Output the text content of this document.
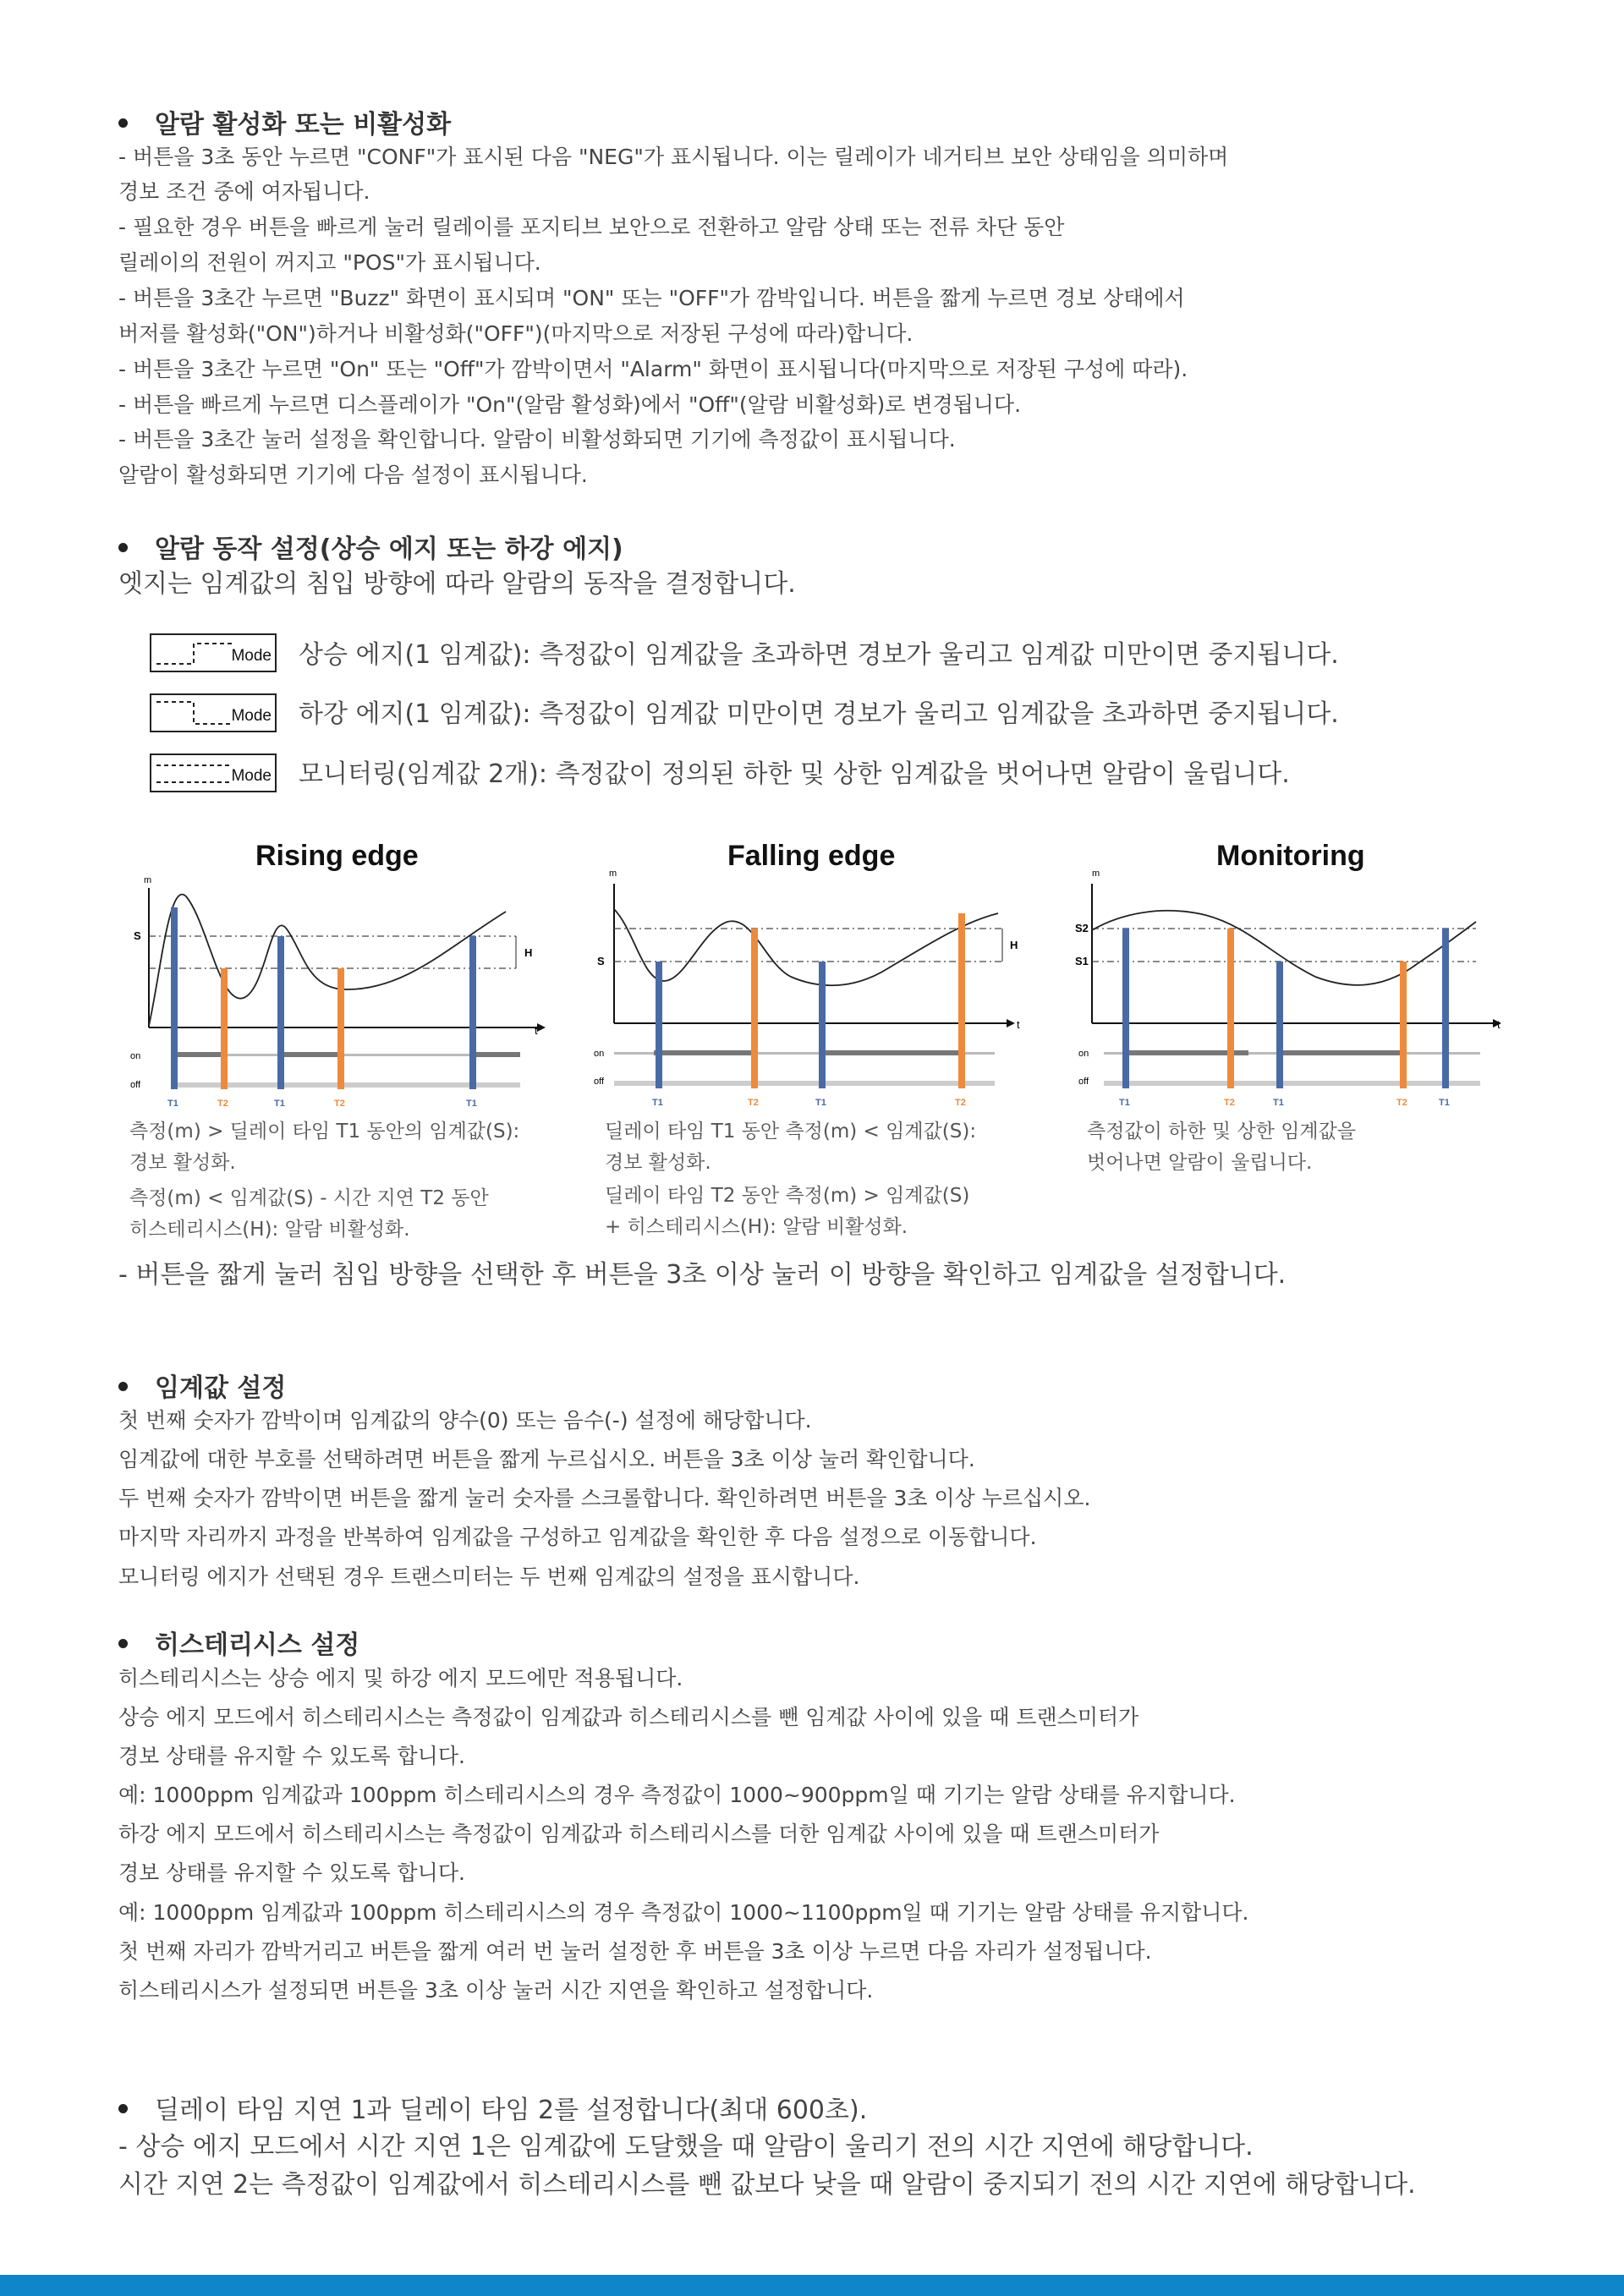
알람 활성화 또는 비활성화
- 버튼을 3초 동안 누르면 "CONF"가 표시된 다음 "NEG"가 표시됩니다. 이는 릴레이가 네거티브 보안 상태임을 의미하며
경보 조건 중에 여자됩니다.
- 필요한 경우 버튼을 빠르게 눌러 릴레이를 포지티브 보안으로 전환하고 알람 상태 또는 전류 차단 동안
릴레이의 전원이 꺼지고 "POS"가 표시됩니다.
- 버튼을 3초간 누르면 "Buzz" 화면이 표시되며 "ON" 또는 "OFF"가 깜박입니다. 버튼을 짧게 누르면 경보 상태에서
버저를 활성화("ON")하거나 비활성화("OFF")(마지막으로 저장된 구성에 따라)합니다.
- 버튼을 3초간 누르면 "On" 또는 "Off"가 깜박이면서 "Alarm" 화면이 표시됩니다(마지막으로 저장된 구성에 따라).
- 버튼을 빠르게 누르면 디스플레이가 "On"(알람 활성화)에서 "Off"(알람 비활성화)로 변경됩니다.
- 버튼을 3초간 눌러 설정을 확인합니다. 알람이 비활성화되면 기기에 측정값이 표시됩니다.
알람이 활성화되면 기기에 다음 설정이 표시됩니다.
알람 동작 설정(상승 에지 또는 하강 에지)
엣지는 임계값의 침입 방향에 따라 알람의 동작을 결정합니다.
Mode 상승 에지(1 임계값): 측정값이 임계값을 초과하면 경보가 울리고 임계값 미만이면 중지됩니다.
Mode 하강 에지(1 임계값): 측정값이 임계값 미만이면 경보가 울리고 임계값을 초과하면 중지됩니다.
Mode 모니터링(임계값 2개): 측정값이 정의된 하한 및 상한 임계값을 벗어나면 알람이 울립니다.
Rising edge	Falling edge	Monitoring
m
t
S
H
on
off
T1	T2	T1	T2	T1
m
t
S
H
on
off
T1	T2	T1	T2
m
t
S2
S1
on
off
T1	T2	T1	T2	T1
측정(m) > 딜레이 타임 T1 동안의 임계값(S):
경보 활성화.
측정(m) < 임계값(S) - 시간 지연 T2 동안
히스테리시스(H): 알람 비활성화.
딜레이 타임 T1 동안 측정(m) < 임계값(S):
경보 활성화.
딜레이 타임 T2 동안 측정(m) > 임계값(S)
+ 히스테리시스(H): 알람 비활성화.
측정값이 하한 및 상한 임계값을
벗어나면 알람이 울립니다.
- 버튼을 짧게 눌러 침입 방향을 선택한 후 버튼을 3초 이상 눌러 이 방향을 확인하고 임계값을 설정합니다.
임계값 설정
첫 번째 숫자가 깜박이며 임계값의 양수(0) 또는 음수(-) 설정에 해당합니다.
임계값에 대한 부호를 선택하려면 버튼을 짧게 누르십시오. 버튼을 3초 이상 눌러 확인합니다.
두 번째 숫자가 깜박이면 버튼을 짧게 눌러 숫자를 스크롤합니다. 확인하려면 버튼을 3초 이상 누르십시오.
마지막 자리까지 과정을 반복하여 임계값을 구성하고 임계값을 확인한 후 다음 설정으로 이동합니다.
모니터링 에지가 선택된 경우 트랜스미터는 두 번째 임계값의 설정을 표시합니다.
히스테리시스 설정
히스테리시스는 상승 에지 및 하강 에지 모드에만 적용됩니다.
상승 에지 모드에서 히스테리시스는 측정값이 임계값과 히스테리시스를 뺀 임계값 사이에 있을 때 트랜스미터가
경보 상태를 유지할 수 있도록 합니다.
예: 1000ppm 임계값과 100ppm 히스테리시스의 경우 측정값이 1000~900ppm일 때 기기는 알람 상태를 유지합니다.
하강 에지 모드에서 히스테리시스는 측정값이 임계값과 히스테리시스를 더한 임계값 사이에 있을 때 트랜스미터가
경보 상태를 유지할 수 있도록 합니다.
예: 1000ppm 임계값과 100ppm 히스테리시스의 경우 측정값이 1000~1100ppm일 때 기기는 알람 상태를 유지합니다.
첫 번째 자리가 깜박거리고 버튼을 짧게 여러 번 눌러 설정한 후 버튼을 3초 이상 누르면 다음 자리가 설정됩니다.
히스테리시스가 설정되면 버튼을 3초 이상 눌러 시간 지연을 확인하고 설정합니다.
딜레이 타임 지연 1과 딜레이 타임 2를 설정합니다(최대 600초).
- 상승 에지 모드에서 시간 지연 1은 임계값에 도달했을 때 알람이 울리기 전의 시간 지연에 해당합니다.
시간 지연 2는 측정값이 임계값에서 히스테리시스를 뺀 값보다 낮을 때 알람이 중지되기 전의 시간 지연에 해당합니다.
